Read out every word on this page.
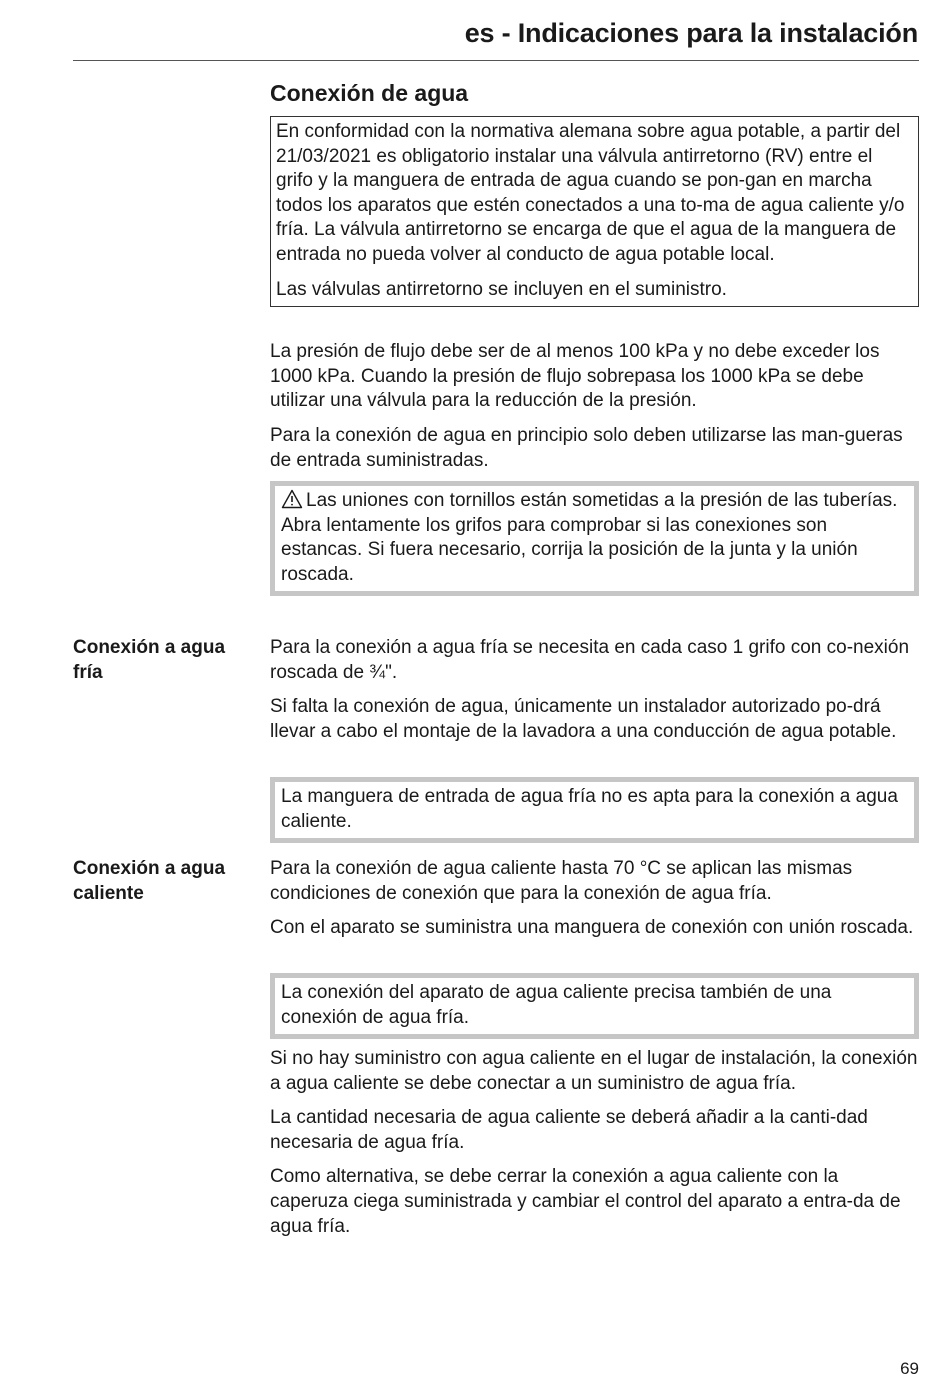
es - Indicaciones para la instalación
Conexión de agua

En conformidad con la normativa alemana sobre agua potable, a partir del 21/03/2021 es obligatorio instalar una válvula antirretorno (RV) entre el grifo y la manguera de entrada de agua cuando se pon-gan en marcha todos los aparatos que estén conectados a una to-ma de agua caliente y/o fría. La válvula antirretorno se encarga de que el agua de la manguera de entrada no pueda volver al conducto de agua potable local.

Las válvulas antirretorno se incluyen en el suministro.

La presión de flujo debe ser de al menos 100 kPa y no debe exceder los 1000 kPa. Cuando la presión de flujo sobrepasa los 1000 kPa se debe utilizar una válvula para la reducción de la presión.

Para la conexión de agua en principio solo deben utilizarse las man-gueras de entrada suministradas.

Las uniones con tornillos están sometidas a la presión de las tuberías.

Abra lentamente los grifos para comprobar si las conexiones son estancas. Si fuera necesario, corrija la posición de la junta y la unión roscada.

Conexión a agua
fría

Para la conexión a agua fría se necesita en cada caso 1 grifo con co-nexión roscada de ¾".

Si falta la conexión de agua, únicamente un instalador autorizado po-drá llevar a cabo el montaje de la lavadora a una conducción de agua potable.

La manguera de entrada de agua fría no es apta para la conexión a agua caliente.

Conexión a agua
caliente

Para la conexión de agua caliente hasta 70 °C se aplican las mismas condiciones de conexión que para la conexión de agua fría.

Con el aparato se suministra una manguera de conexión con unión roscada.

La conexión del aparato de agua caliente precisa también de una conexión de agua fría.

Si no hay suministro con agua caliente en el lugar de instalación, la conexión a agua caliente se debe conectar a un suministro de agua fría.

La cantidad necesaria de agua caliente se deberá añadir a la canti-dad necesaria de agua fría.

Como alternativa, se debe cerrar la conexión a agua caliente con la caperuza ciega suministrada y cambiar el control del aparato a entra-da de agua fría.

69
